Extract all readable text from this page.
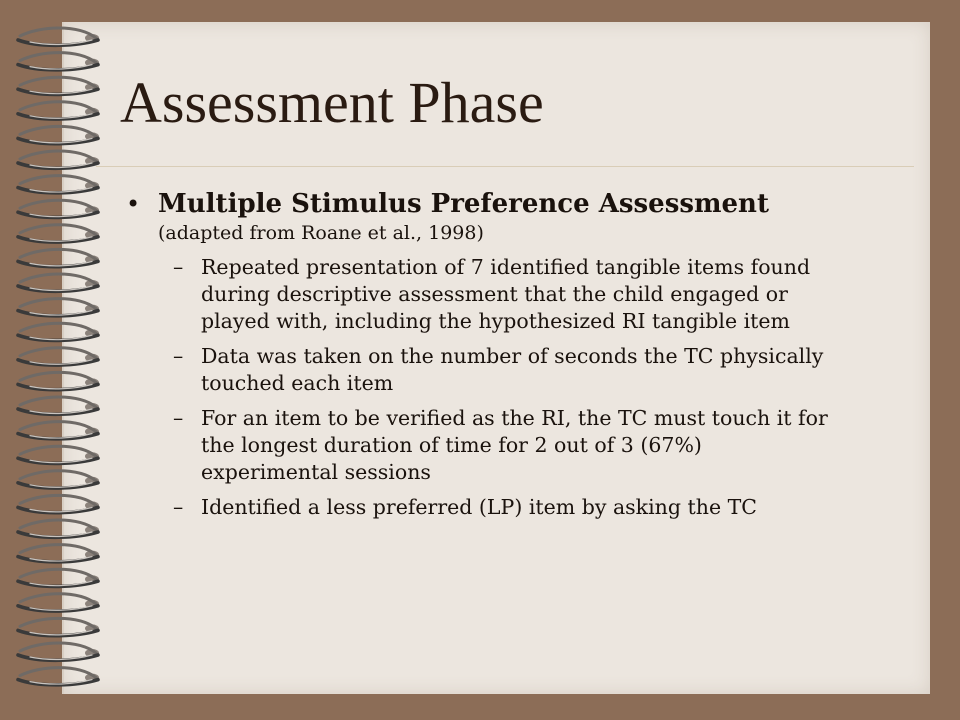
Assessment Phase
• Multiple Stimulus Preference Assessment
(adapted from Roane et al., 1998)
– Repeated presentation of 7 identified tangible items found
during descriptive assessment that the child engaged or
played with, including the hypothesized RI tangible item
– Data was taken on the number of seconds the TC physically
touched each item
– For an item to be verified as the RI, the TC must touch it for
the longest duration of time for 2 out of 3 (67%)
experimental sessions
– Identified a less preferred (LP) item by asking the TC
